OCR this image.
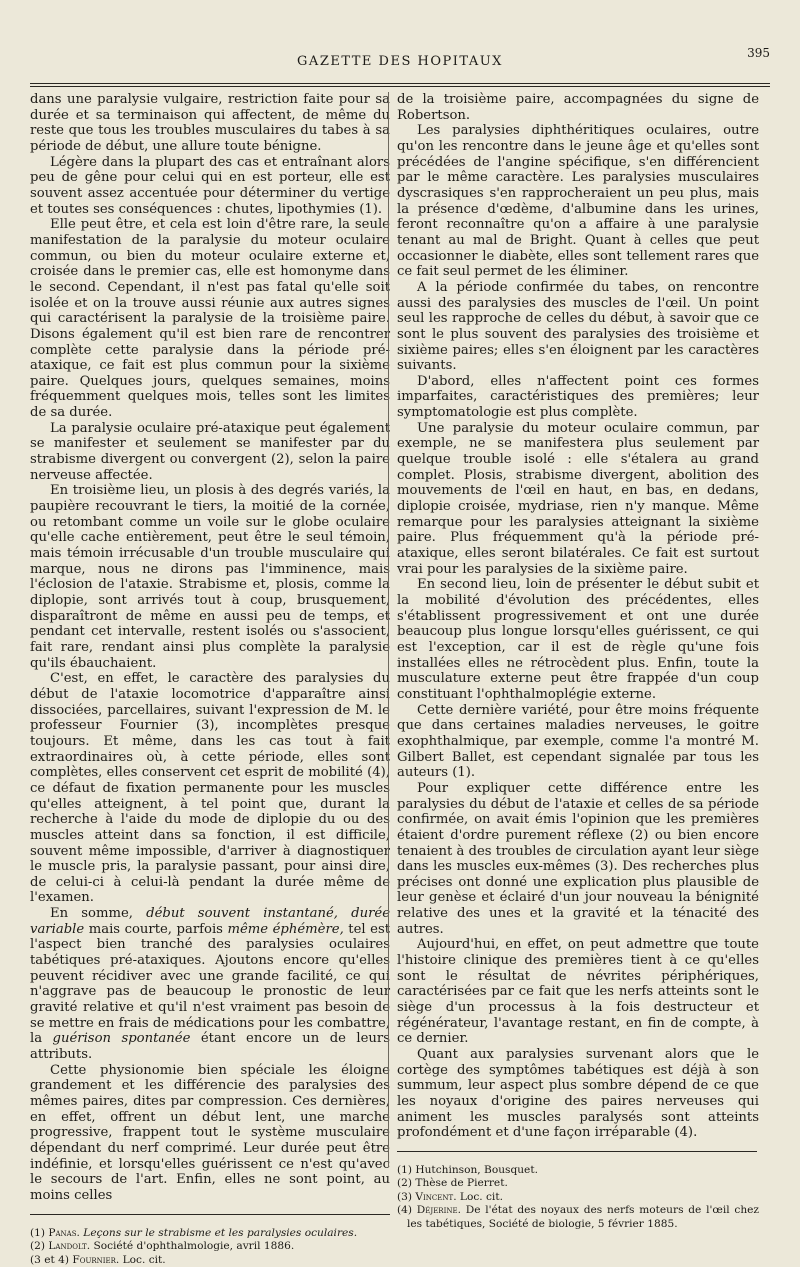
GAZETTE DES HOPITAUX
395

dans une paralysie vulgaire, restriction faite pour sa durée et sa terminaison qui affectent, de même du reste que tous les troubles musculaires du tabes à sa période de début, une allure toute bénigne.

Légère dans la plupart des cas et entraînant alors peu de gêne pour celui qui en est porteur, elle est souvent assez accentuée pour déterminer du vertige et toutes ses conséquences : chutes, lipothymies (1).

Elle peut être, et cela est loin d'être rare, la seule manifestation de la paralysie du moteur oculaire commun, ou bien du moteur oculaire externe et, croisée dans le premier cas, elle est homonyme dans le second. Cependant, il n'est pas fatal qu'elle soit isolée et on la trouve aussi réunie aux autres signes qui caractérisent la paralysie de la troisième paire. Disons également qu'il est bien rare de rencontrer complète cette paralysie dans la période pré-ataxique, ce fait est plus commun pour la sixième paire. Quelques jours, quelques semaines, moins fréquemment quelques mois, telles sont les limites de sa durée.

La paralysie oculaire pré-ataxique peut également se manifester et seulement se manifester par du strabisme divergent ou convergent (2), selon la paire nerveuse affectée.

En troisième lieu, un plosis à des degrés variés, la paupière recouvrant le tiers, la moitié de la cornée, ou retombant comme un voile sur le globe oculaire qu'elle cache entièrement, peut être le seul témoin, mais témoin irrécusable d'un trouble musculaire qui marque, nous ne dirons pas l'imminence, mais l'éclosion de l'ataxie. Strabisme et, plosis, comme la diplopie, sont arrivés tout à coup, brusquement, disparaîtront de même en aussi peu de temps, et pendant cet intervalle, restent isolés ou s'associent, fait rare, rendant ainsi plus complète la paralysie qu'ils ébauchaient.

C'est, en effet, le caractère des paralysies du début de l'ataxie locomotrice d'apparaître ainsi dissociées, parcellaires, suivant l'expression de M. le professeur Fournier (3), incomplètes presque toujours. Et même, dans les cas tout à fait extraordinaires où, à cette période, elles sont complètes, elles conservent cet esprit de mobilité (4), ce défaut de fixation permanente pour les muscles qu'elles atteignent, à tel point que, durant la recherche à l'aide du mode de diplopie du ou des muscles atteint dans sa fonction, il est difficile, souvent même impossible, d'arriver à diagnostiquer le muscle pris, la paralysie passant, pour ainsi dire, de celui-ci à celui-là pendant la durée même de l'examen.

En somme, début souvent instantané, durée variable mais courte, parfois même éphémère, tel est l'aspect bien tranché des paralysies oculaires tabétiques pré-ataxiques. Ajoutons encore qu'elles peuvent récidiver avec une grande facilité, ce qui n'aggrave pas de beaucoup le pronostic de leur gravité relative et qu'il n'est vraiment pas besoin de se mettre en frais de médications pour les combattre, la guérison spontanée étant encore un de leurs attributs.

Cette physionomie bien spéciale les éloigne grandement et les différencie des paralysies des mêmes paires, dites par compression. Ces dernières, en effet, offrent un début lent, une marche progressive, frappent tout le système musculaire dépendant du nerf comprimé. Leur durée peut être indéfinie, et lorsqu'elles guérissent ce n'est qu'avec le secours de l'art. Enfin, elles ne sont point, au moins celles

(1) Panas. Leçons sur le strabisme et les paralysies oculaires.

(2) Landolt. Société d'ophthalmologie, avril 1886.

(3 et 4) Fournier. Loc. cit.

de la troisième paire, accompagnées du signe de Robertson.

Les paralysies diphthéritiques oculaires, outre qu'on les rencontre dans le jeune âge et qu'elles sont précédées de l'angine spécifique, s'en différencient par le même caractère. Les paralysies musculaires dyscrasiques s'en rapprocheraient un peu plus, mais la présence d'œdème, d'albumine dans les urines, feront reconnaître qu'on a affaire à une paralysie tenant au mal de Bright. Quant à celles que peut occasionner le diabète, elles sont tellement rares que ce fait seul permet de les éliminer.

A la période confirmée du tabes, on rencontre aussi des paralysies des muscles de l'œil. Un point seul les rapproche de celles du début, à savoir que ce sont le plus souvent des paralysies des troisième et sixième paires; elles s'en éloignent par les caractères suivants.

D'abord, elles n'affectent point ces formes imparfaites, caractéristiques des premières; leur symptomatologie est plus complète.

Une paralysie du moteur oculaire commun, par exemple, ne se manifestera plus seulement par quelque trouble isolé : elle s'étalera au grand complet. Plosis, strabisme divergent, abolition des mouvements de l'œil en haut, en bas, en dedans, diplopie croisée, mydriase, rien n'y manque. Même remarque pour les paralysies atteignant la sixième paire. Plus fréquemment qu'à la période pré-ataxique, elles seront bilatérales. Ce fait est surtout vrai pour les paralysies de la sixième paire.

En second lieu, loin de présenter le début subit et la mobilité d'évolution des précédentes, elles s'établissent progressivement et ont une durée beaucoup plus longue lorsqu'elles guérissent, ce qui est l'exception, car il est de règle qu'une fois installées elles ne rétrocèdent plus. Enfin, toute la musculature externe peut être frappée d'un coup constituant l'ophthalmoplégie externe.

Cette dernière variété, pour être moins fréquente que dans certaines maladies nerveuses, le goitre exophthalmique, par exemple, comme l'a montré M. Gilbert Ballet, est cependant signalée par tous les auteurs (1).

Pour expliquer cette différence entre les paralysies du début de l'ataxie et celles de sa période confirmée, on avait émis l'opinion que les premières étaient d'ordre purement réflexe (2) ou bien encore tenaient à des troubles de circulation ayant leur siège dans les muscles eux-mêmes (3). Des recherches plus précises ont donné une explication plus plausible de leur genèse et éclairé d'un jour nouveau la bénignité relative des unes et la gravité et la ténacité des autres.

Aujourd'hui, en effet, on peut admettre que toute l'histoire clinique des premières tient à ce qu'elles sont le résultat de névrites périphériques, caractérisées par ce fait que les nerfs atteints sont le siège d'un processus à la fois destructeur et régénérateur, l'avantage restant, en fin de compte, à ce dernier.

Quant aux paralysies survenant alors que le cortège des symptômes tabétiques est déjà à son summum, leur aspect plus sombre dépend de ce que les noyaux d'origine des paires nerveuses qui animent les muscles paralysés sont atteints profondément et d'une façon irréparable (4).

(1) Hutchinson, Bousquet.

(2) Thèse de Pierret.

(3) Vincent. Loc. cit.

(4) Déjerine. De l'état des noyaux des nerfs moteurs de l'œil chez les tabétiques, Société de biologie, 5 février 1885.
